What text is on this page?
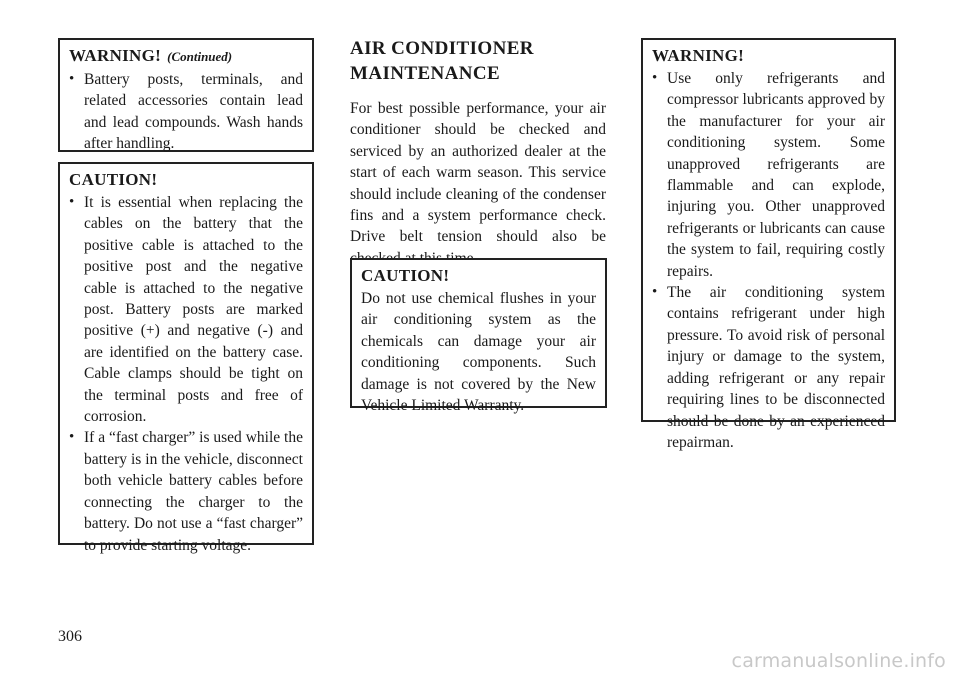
WARNING! (Continued)
• Battery posts, terminals, and related accessories contain lead and lead compounds. Wash hands after handling.
CAUTION!
• It is essential when replacing the cables on the battery that the positive cable is attached to the positive post and the negative cable is attached to the negative post. Battery posts are marked positive (+) and negative (-) and are identified on the battery case. Cable clamps should be tight on the terminal posts and free of corrosion.
• If a “fast charger” is used while the battery is in the vehicle, disconnect both vehicle battery cables before connecting the charger to the battery. Do not use a “fast charger” to provide starting voltage.
AIR CONDITIONER
MAINTENANCE

For best possible performance, your air conditioner should be checked and serviced by an authorized dealer at the start of each warm season. This service should include cleaning of the condenser fins and a system performance check. Drive belt tension should also be

CAUTION!

Do not use chemical flushes in your air conditioning system as the chemicals can damage your air conditioning components. Such damage is not covered by the New Vehicle Limited Warranty.

WARNING!
• Use only refrigerants and compressor lubricants approved by the manufacturer for your air conditioning system. Some unapproved refrigerants are flammable and can explode, injuring you. Other unapproved refrigerants or lubricants can cause the system to fail, requiring costly repairs.
• The air conditioning system contains refrigerant under high pressure. To avoid risk of personal injury or damage to the system, adding refrigerant or any repair requiring lines to be disconnected should be done by an experienced repairman.
306
carmanualsonline.info
